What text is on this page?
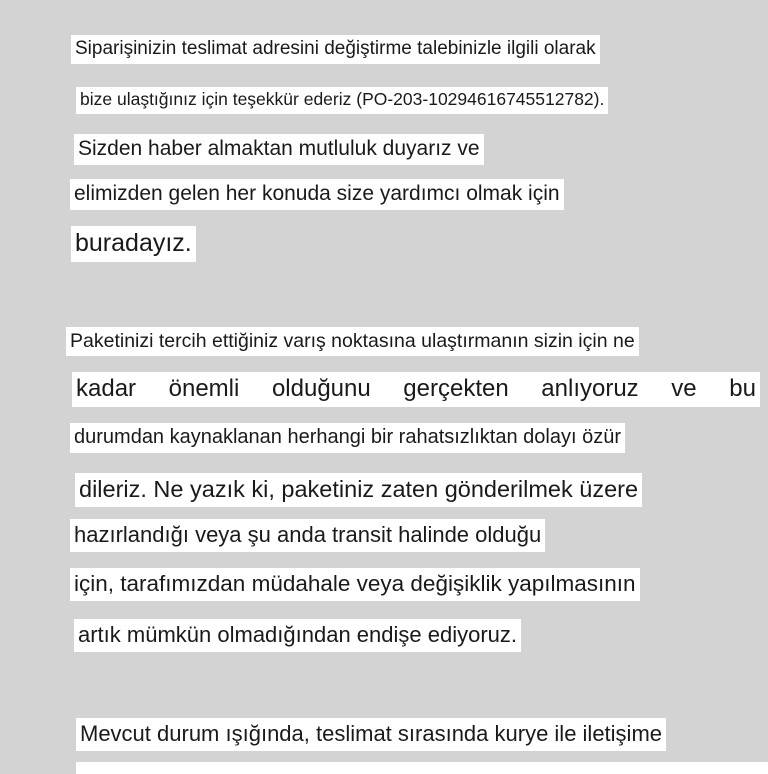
Siparişinizin teslimat adresini değiştirme talebinizle ilgili olarak
bize ulaştığınız için teşekkür ederiz (PO-203-10294616745512782).
Sizden haber almaktan mutluluk duyarız ve
elimizden gelen her konuda size yardımcı olmak için
buradayız.
Paketinizi tercih ettiğiniz varış noktasına ulaştırmanın sizin için ne
kadar önemli olduğunu gerçekten anlıyoruz ve bu
durumdan kaynaklanan herhangi bir rahatsızlıktan dolayı özür
dileriz. Ne yazık ki, paketiniz zaten gönderilmek üzere
hazırlandığı veya şu anda transit halinde olduğu
için, tarafımızdan müdahale veya değişiklik yapılmasının
artık mümkün olmadığından endişe ediyoruz.
Mevcut durum ışığında, teslimat sırasında kurye ile iletişime
